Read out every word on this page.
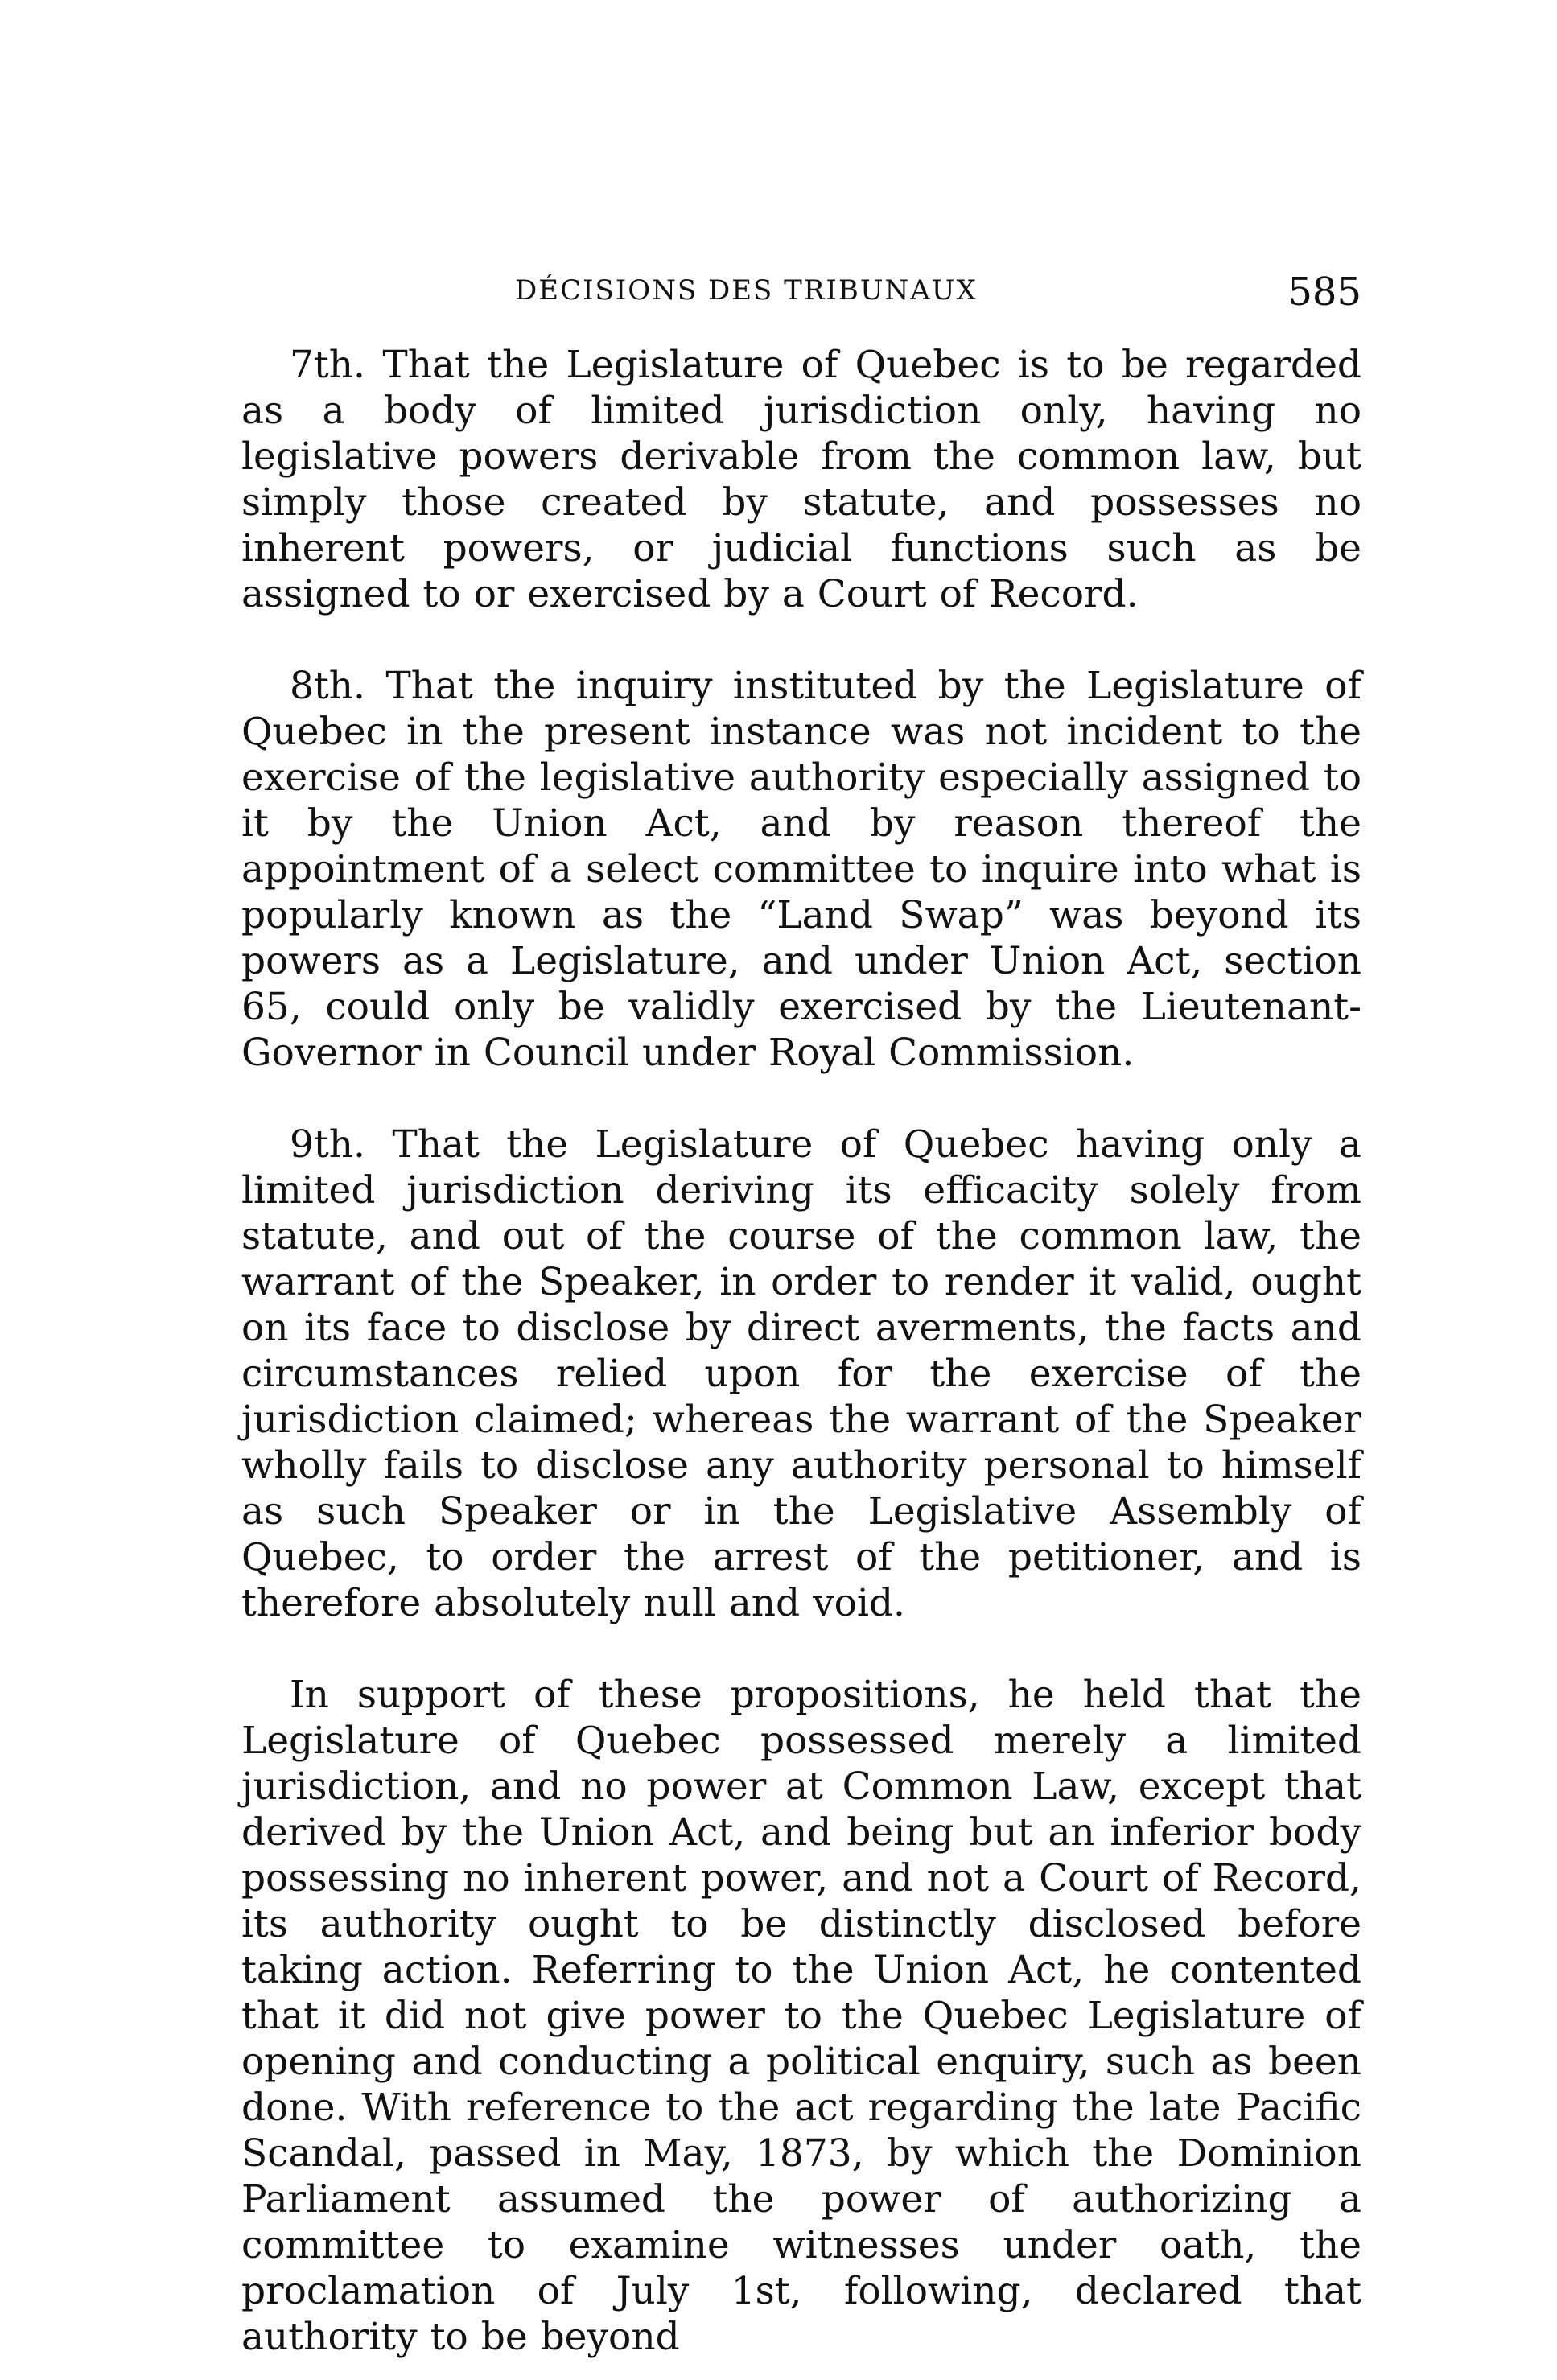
DÉCISIONS DES TRIBUNAUX	585

7th. That the Legislature of Quebec is to be regarded as a body of limited jurisdiction only, having no legislative powers derivable from the common law, but simply those created by statute, and possesses no inherent powers, or judicial functions such as be assigned to or exercised by a Court of Record.

8th. That the inquiry instituted by the Legislature of Quebec in the present instance was not incident to the exercise of the legislative authority especially assigned to it by the Union Act, and by reason thereof the appointment of a select committee to inquire into what is popularly known as the “Land Swap” was beyond its powers as a Legislature, and under Union Act, section 65, could only be validly exercised by the Lieutenant-Governor in Council under Royal Commission.

9th. That the Legislature of Quebec having only a limited jurisdiction deriving its efficacity solely from statute, and out of the course of the common law, the warrant of the Speaker, in order to render it valid, ought on its face to disclose by direct averments, the facts and circumstances relied upon for the exercise of the jurisdiction claimed; whereas the warrant of the Speaker wholly fails to disclose any authority personal to himself as such Speaker or in the Legislative Assembly of Quebec, to order the arrest of the petitioner, and is therefore absolutely null and void.

In support of these propositions, he held that the Legislature of Quebec possessed merely a limited jurisdiction, and no power at Common Law, except that derived by the Union Act, and being but an inferior body possessing no inherent power, and not a Court of Record, its authority ought to be distinctly disclosed before taking action. Referring to the Union Act, he contented that it did not give power to the Quebec Legislature of opening and conducting a political enquiry, such as been done. With reference to the act regarding the late Pacific Scandal, passed in May, 1873, by which the Dominion Parliament assumed the power of authorizing a committee to examine witnesses under oath, the proclamation of July 1st, following, declared that authority to be beyond
